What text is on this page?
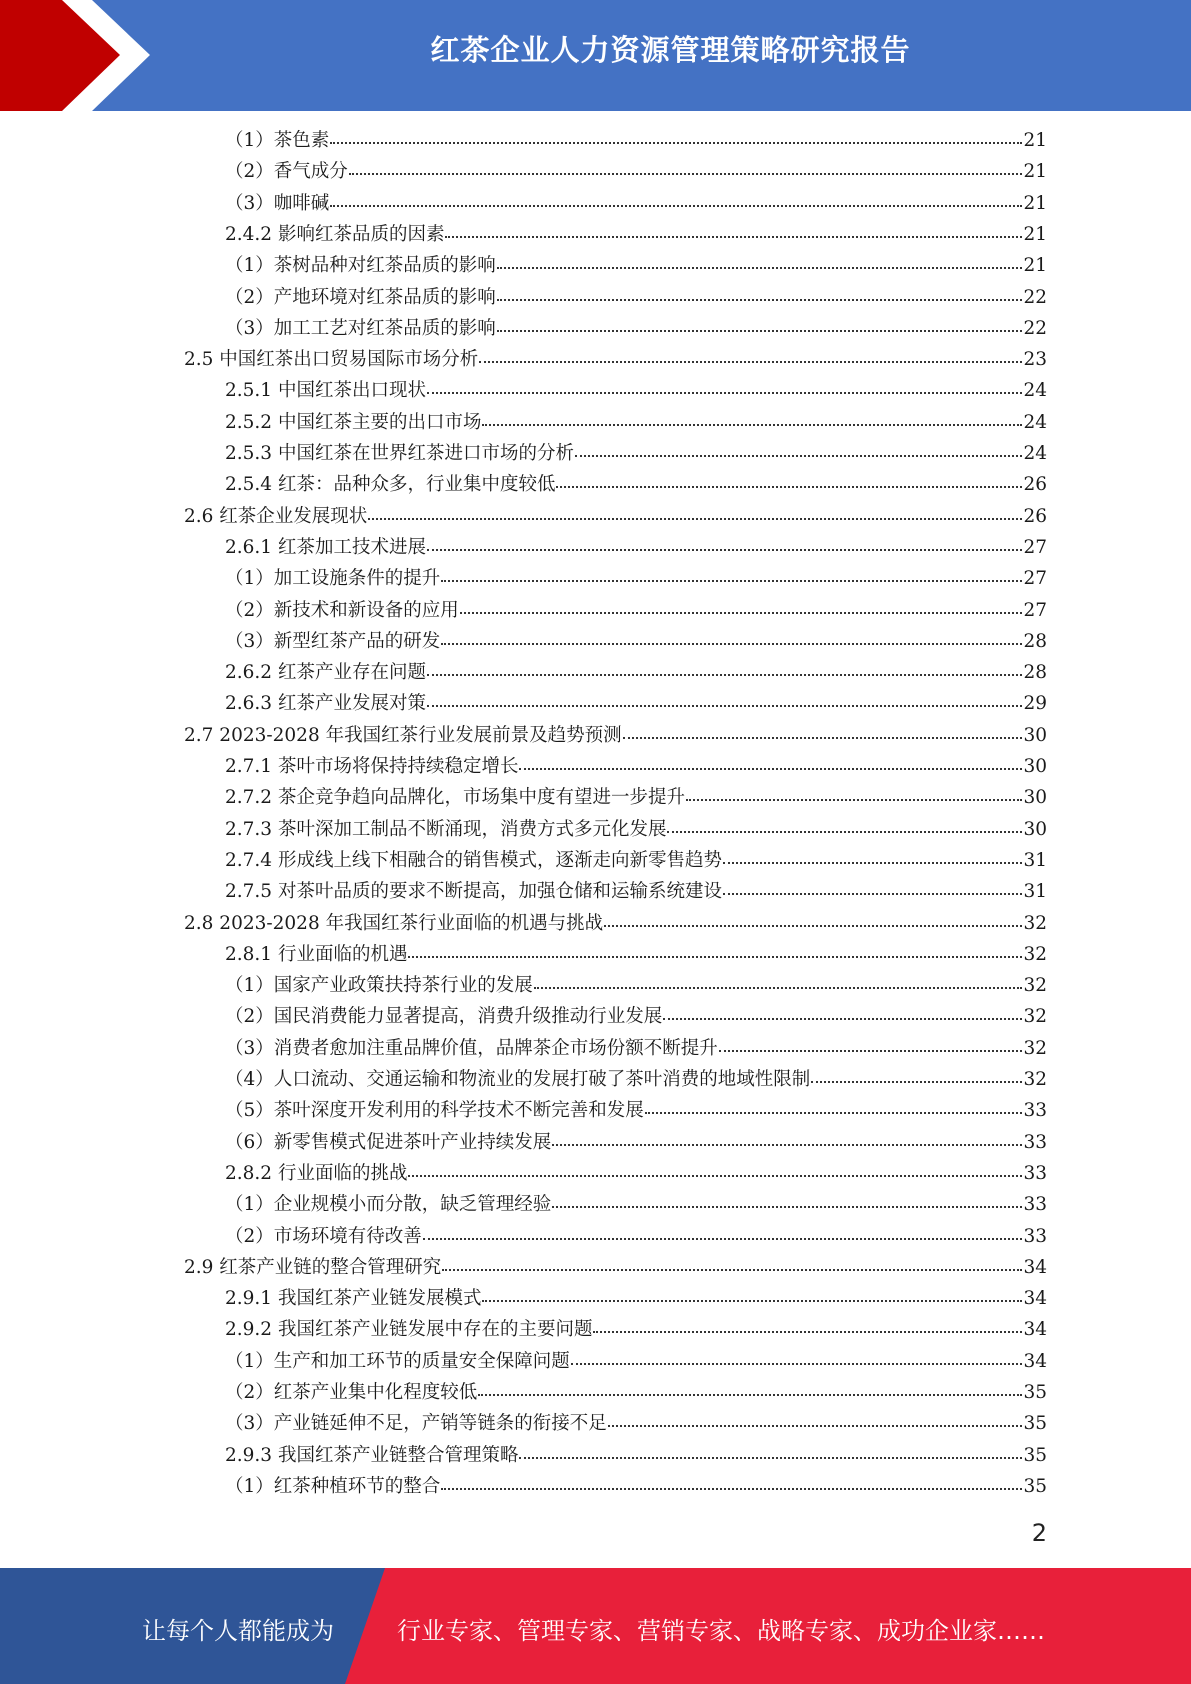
红茶企业人力资源管理策略研究报告
（1）茶色素	21
（2）香气成分	21
（3）咖啡碱	21
2.4.2 影响红茶品质的因素	21
（1）茶树品种对红茶品质的影响	21
（2）产地环境对红茶品质的影响	22
（3）加工工艺对红茶品质的影响	22
2.5 中国红茶出口贸易国际市场分析	23
2.5.1 中国红茶出口现状	24
2.5.2 中国红茶主要的出口市场	24
2.5.3 中国红茶在世界红茶进口市场的分析	24
2.5.4 红茶：品种众多，行业集中度较低	26
2.6 红茶企业发展现状	26
2.6.1 红茶加工技术进展	27
（1）加工设施条件的提升	27
（2）新技术和新设备的应用	27
（3）新型红茶产品的研发	28
2.6.2 红茶产业存在问题	28
2.6.3 红茶产业发展对策	29
2.7 2023-2028 年我国红茶行业发展前景及趋势预测	30
2.7.1 茶叶市场将保持持续稳定增长	30
2.7.2 茶企竞争趋向品牌化，市场集中度有望进一步提升	30
2.7.3 茶叶深加工制品不断涌现，消费方式多元化发展	30
2.7.4 形成线上线下相融合的销售模式，逐渐走向新零售趋势	31
2.7.5 对茶叶品质的要求不断提高，加强仓储和运输系统建设	31
2.8 2023-2028 年我国红茶行业面临的机遇与挑战	32
2.8.1 行业面临的机遇	32
（1）国家产业政策扶持茶行业的发展	32
（2）国民消费能力显著提高，消费升级推动行业发展	32
（3）消费者愈加注重品牌价值，品牌茶企市场份额不断提升	32
（4）人口流动、交通运输和物流业的发展打破了茶叶消费的地域性限制	32
（5）茶叶深度开发利用的科学技术不断完善和发展	33
（6）新零售模式促进茶叶产业持续发展	33
2.8.2 行业面临的挑战	33
（1）企业规模小而分散，缺乏管理经验	33
（2）市场环境有待改善	33
2.9 红茶产业链的整合管理研究	34
2.9.1 我国红茶产业链发展模式	34
2.9.2 我国红茶产业链发展中存在的主要问题	34
（1）生产和加工环节的质量安全保障问题	34
（2）红茶产业集中化程度较低	35
（3）产业链延伸不足，产销等链条的衔接不足	35
2.9.3 我国红茶产业链整合管理策略	35
（1）红茶种植环节的整合	35
2
让每个人都能成为	行业专家、管理专家、营销专家、战略专家、成功企业家……
